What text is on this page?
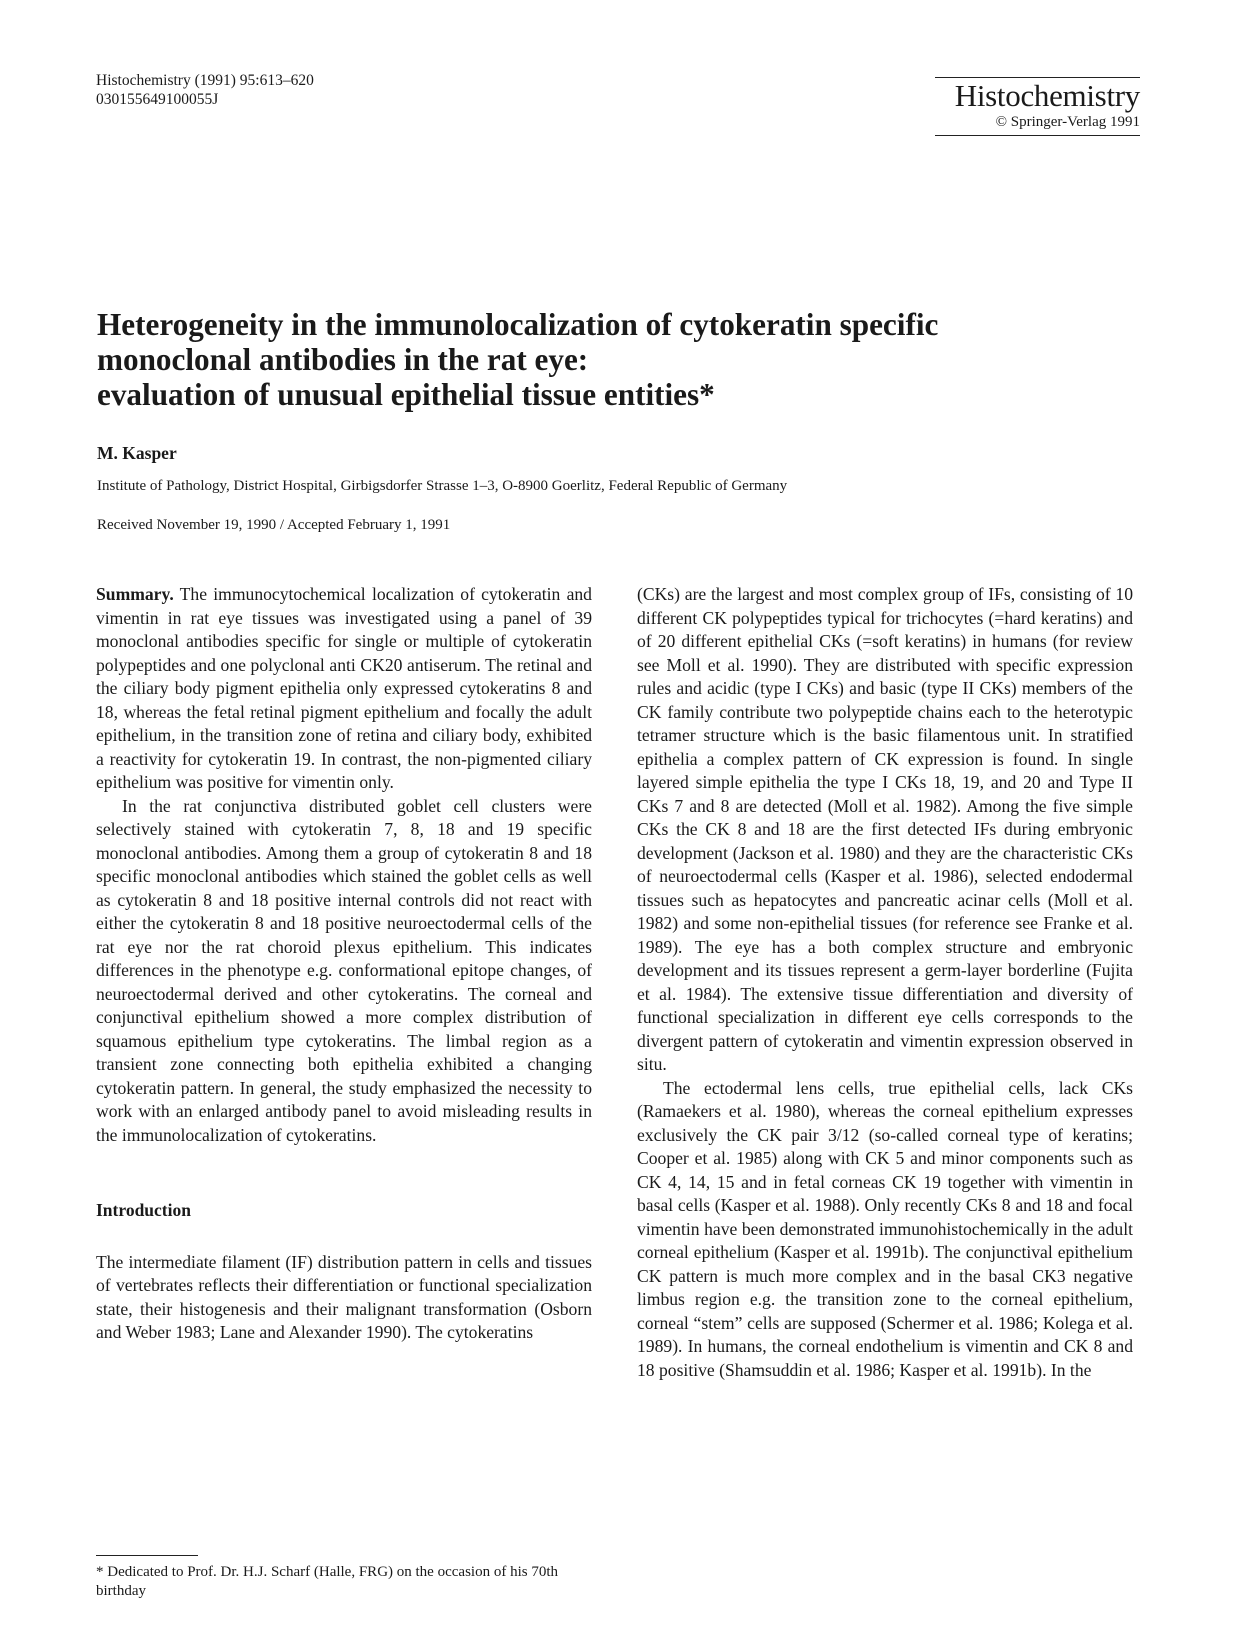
Histochemistry (1991) 95:613–620
030155649100055J	Histochemistry
© Springer-Verlag 1991
Heterogeneity in the immunolocalization of cytokeratin specific
monoclonal antibodies in the rat eye:
evaluation of unusual epithelial tissue entities*
M. Kasper
Institute of Pathology, District Hospital, Girbigsdorfer Strasse 1–3, O-8900 Goerlitz, Federal Republic of Germany
Received November 19, 1990 / Accepted February 1, 1991

Summary. The immunocytochemical localization of cytokeratin and vimentin in rat eye tissues was investigated using a panel of 39 monoclonal antibodies specific for single or multiple of cytokeratin polypeptides and one polyclonal anti CK20 antiserum. The retinal and the ciliary body pigment epithelia only expressed cytokeratins 8 and 18, whereas the fetal retinal pigment epithelium and focally the adult epithelium, in the transition zone of retina and ciliary body, exhibited a reactivity for cytokeratin 19. In contrast, the non-pigmented ciliary epithelium was positive for vimentin only.

In the rat conjunctiva distributed goblet cell clusters were selectively stained with cytokeratin 7, 8, 18 and 19 specific monoclonal antibodies. Among them a group of cytokeratin 8 and 18 specific monoclonal antibodies which stained the goblet cells as well as cytokeratin 8 and 18 positive internal controls did not react with either the cytokeratin 8 and 18 positive neuroectodermal cells of the rat eye nor the rat choroid plexus epithelium. This indicates differences in the phenotype e.g. conformational epitope changes, of neuroectodermal derived and other cytokeratins. The corneal and conjunctival epithelium showed a more complex distribution of squamous epithelium type cytokeratins. The limbal region as a transient zone connecting both epithelia exhibited a changing cytokeratin pattern. In general, the study emphasized the necessity to work with an enlarged antibody panel to avoid misleading results in the immunolocalization of cytokeratins.

Introduction

The intermediate filament (IF) distribution pattern in cells and tissues of vertebrates reflects their differentiation or functional specialization state, their histogenesis and their malignant transformation (Osborn and Weber 1983; Lane and Alexander 1990). The cytokeratins

(CKs) are the largest and most complex group of IFs, consisting of 10 different CK polypeptides typical for trichocytes (=hard keratins) and of 20 different epithelial CKs (=soft keratins) in humans (for review see Moll et al. 1990). They are distributed with specific expression rules and acidic (type I CKs) and basic (type II CKs) members of the CK family contribute two polypeptide chains each to the heterotypic tetramer structure which is the basic filamentous unit. In stratified epithelia a complex pattern of CK expression is found. In single layered simple epithelia the type I CKs 18, 19, and 20 and Type II CKs 7 and 8 are detected (Moll et al. 1982). Among the five simple CKs the CK 8 and 18 are the first detected IFs during embryonic development (Jackson et al. 1980) and they are the characteristic CKs of neuroectodermal cells (Kasper et al. 1986), selected endodermal tissues such as hepatocytes and pancreatic acinar cells (Moll et al. 1982) and some non-epithelial tissues (for reference see Franke et al. 1989). The eye has a both complex structure and embryonic development and its tissues represent a germ-layer borderline (Fujita et al. 1984). The extensive tissue differentiation and diversity of functional specialization in different eye cells corresponds to the divergent pattern of cytokeratin and vimentin expression observed in situ.

The ectodermal lens cells, true epithelial cells, lack CKs (Ramaekers et al. 1980), whereas the corneal epithelium expresses exclusively the CK pair 3/12 (so-called corneal type of keratins; Cooper et al. 1985) along with CK 5 and minor components such as CK 4, 14, 15 and in fetal corneas CK 19 together with vimentin in basal cells (Kasper et al. 1988). Only recently CKs 8 and 18 and focal vimentin have been demonstrated immunohistochemically in the adult corneal epithelium (Kasper et al. 1991b). The conjunctival epithelium CK pattern is much more complex and in the basal CK3 negative limbus region e.g. the transition zone to the corneal epithelium, corneal “stem” cells are supposed (Schermer et al. 1986; Kolega et al. 1989). In humans, the corneal endothelium is vimentin and CK 8 and 18 positive (Shamsuddin et al. 1986; Kasper et al. 1991b). In the

* Dedicated to Prof. Dr. H.J. Scharf (Halle, FRG) on the occasion of his 70th birthday
